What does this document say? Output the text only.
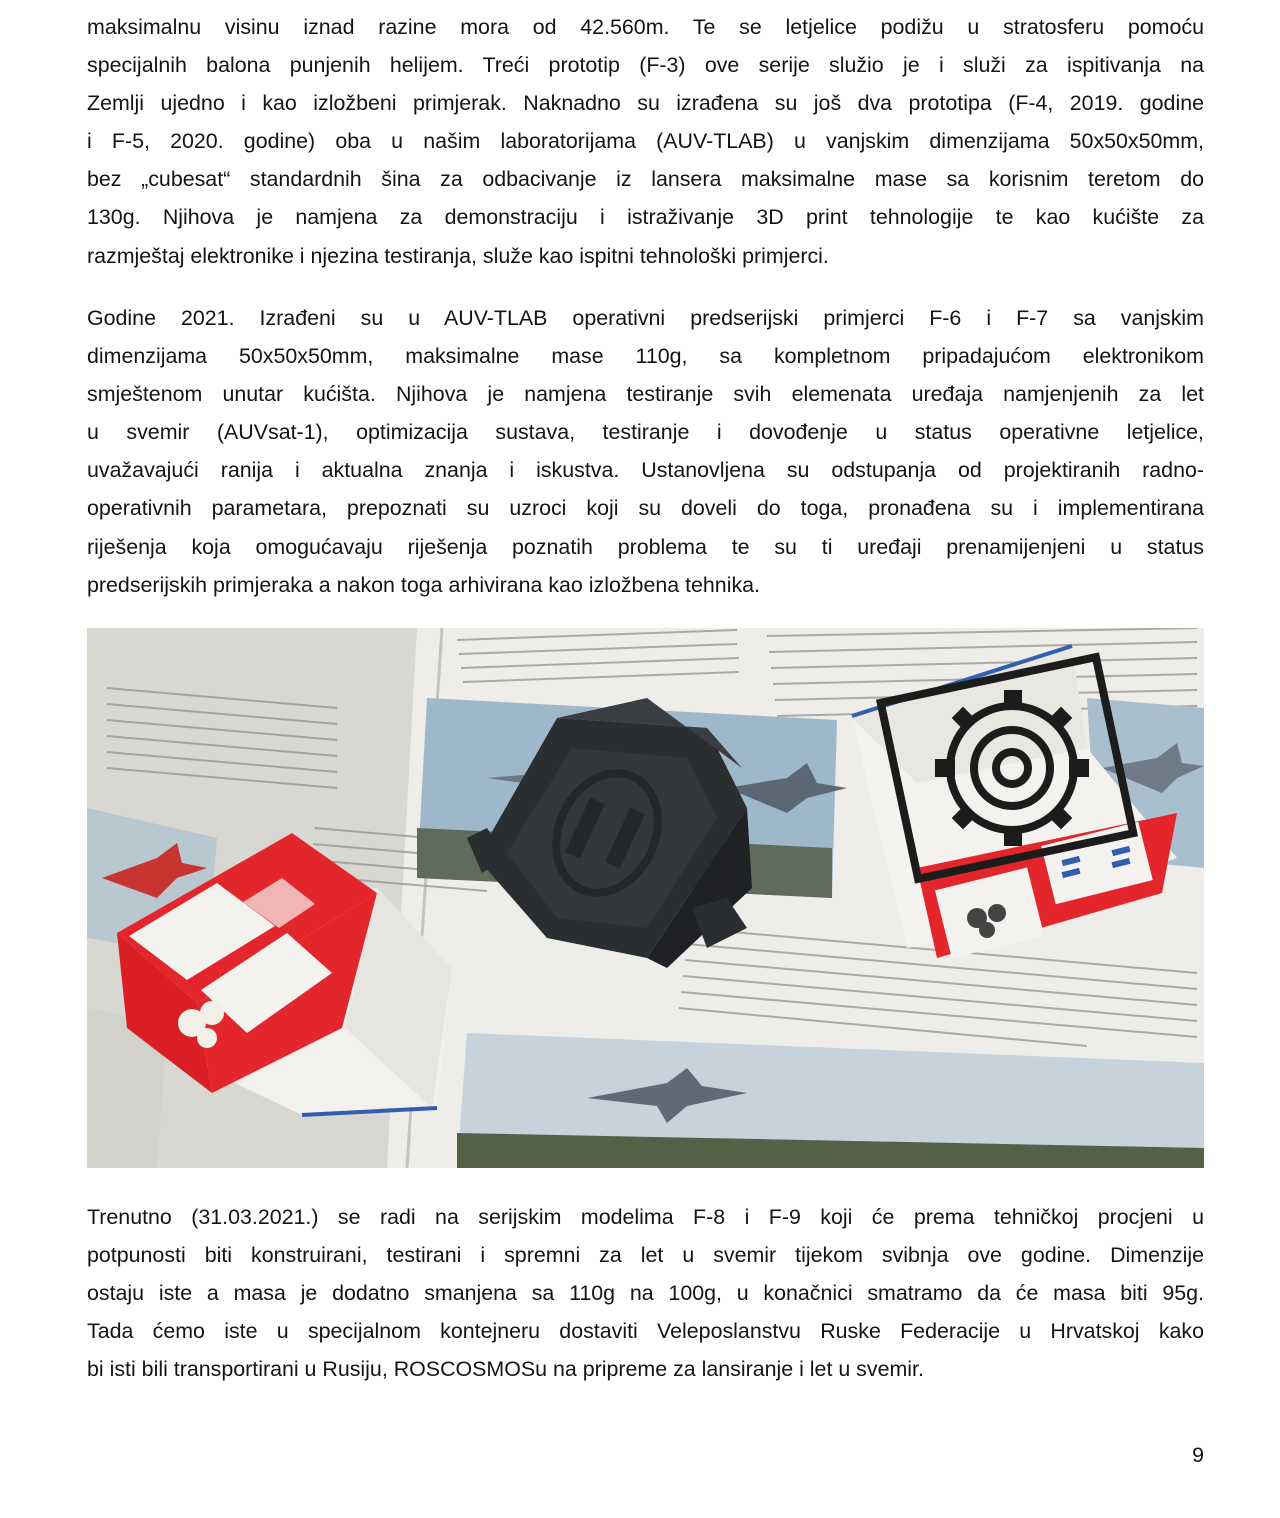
maksimalnu visinu iznad razine mora od 42.560m. Te se letjelice podižu u stratosferu pomoću
specijalnih balona punjenih helijem. Treći prototip (F-3) ove serije služio je i služi za ispitivanja na
Zemlji ujedno i kao izložbeni primjerak. Naknadno su izrađena su još dva prototipa (F-4, 2019. godine
i F-5, 2020. godine) oba u našim laboratorijama (AUV-TLAB) u vanjskim dimenzijama 50x50x50mm,
bez „cubesat“ standardnih šina za odbacivanje iz lansera maksimalne mase sa korisnim teretom do
130g. Njihova je namjena za demonstraciju i istraživanje 3D print tehnologije te kao kućište za
razmještaj elektronike i njezina testiranja, služe kao ispitni tehnološki primjerci.

Godine 2021. Izrađeni su u AUV-TLAB operativni predserijski primjerci F-6 i F-7 sa vanjskim
dimenzijama 50x50x50mm, maksimalne mase 110g, sa kompletnom pripadajućom elektronikom
smještenom unutar kućišta. Njihova je namjena testiranje svih elemenata uređaja namjenjenih za let
u svemir (AUVsat-1), optimizacija sustava, testiranje i dovođenje u status operativne letjelice,
uvažavajući ranija i aktualna znanja i iskustva. Ustanovljena su odstupanja od projektiranih radno-
operativnih parametara, prepoznati su uzroci koji su doveli do toga, pronađena su i implementirana
riješenja koja omogućavaju riješenja poznatih problema te su ti uređaji prenamijenjeni u status
predserijskih primjeraka a nakon toga arhivirana kao izložbena tehnika.

Trenutno (31.03.2021.) se radi na serijskim modelima F-8 i F-9 koji će prema tehničkoj procjeni u
potpunosti biti konstruirani, testirani i spremni za let u svemir tijekom svibnja ove godine. Dimenzije
ostaju iste a masa je dodatno smanjena sa 110g na 100g, u konačnici smatramo da će masa biti 95g.
Tada ćemo iste u specijalnom kontejneru dostaviti Veleposlanstvu Ruske Federacije u Hrvatskoj kako
bi isti bili transportirani u Rusiju, ROSCOSMOSu na pripreme za lansiranje i let u svemir.

9
